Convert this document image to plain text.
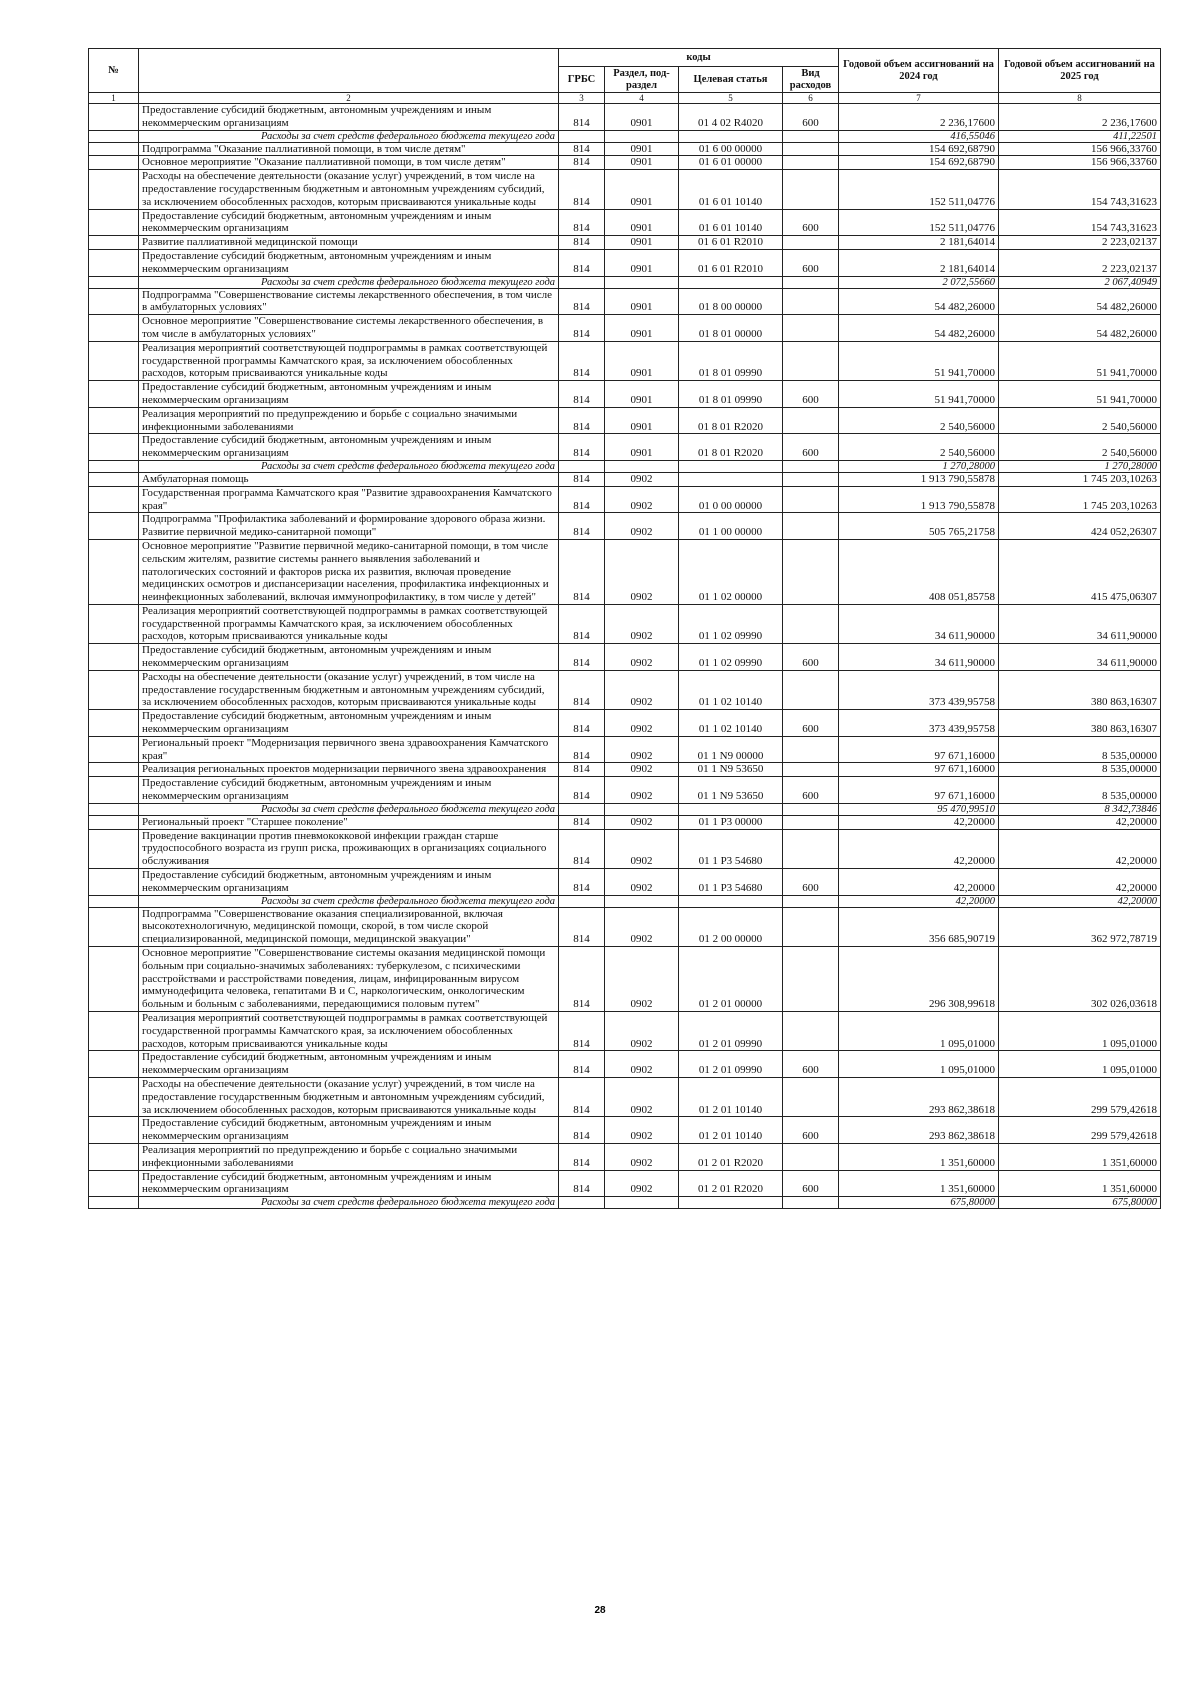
№		коды				Годовой объем ассигнований на 2024 год	Годовой объем ассигнований на 2025 год
		ГРБС	Раздел, под-раздел	Целевая статья	Вид расходов		
1	2	3	4	5	6	7	8
	Предоставление субсидий бюджетным, автономным учреждениям и иным некоммерческим организациям	814	0901	01 4 02 R4020	600	2 236,17600	2 236,17600
	Расходы за счет средств федерального бюджета текущего года					416,55046	411,22501
	Подпрограмма "Оказание паллиативной помощи, в том числе детям"	814	0901	01 6 00 00000		154 692,68790	156 966,33760
	Основное мероприятие "Оказание паллиативной помощи, в том числе детям"	814	0901	01 6 01 00000		154 692,68790	156 966,33760
	Расходы на обеспечение деятельности (оказание услуг) учреждений, в том числе на предоставление государственным бюджетным и автономным учреждениям субсидий, за исключением обособленных расходов, которым присваиваются уникальные коды	814	0901	01 6 01 10140		152 511,04776	154 743,31623
	Предоставление субсидий бюджетным, автономным учреждениям и иным некоммерческим организациям	814	0901	01 6 01 10140	600	152 511,04776	154 743,31623
	Развитие паллиативной медицинской помощи	814	0901	01 6 01 R2010		2 181,64014	2 223,02137
	Предоставление субсидий бюджетным, автономным учреждениям и иным некоммерческим организациям	814	0901	01 6 01 R2010	600	2 181,64014	2 223,02137
	Расходы за счет средств федерального бюджета текущего года					2 072,55660	2 067,40949
	Подпрограмма "Совершенствование системы лекарственного обеспечения, в том числе в амбулаторных условиях"	814	0901	01 8 00 00000		54 482,26000	54 482,26000
	Основное мероприятие "Совершенствование системы лекарственного обеспечения, в том числе в амбулаторных условиях"	814	0901	01 8 01 00000		54 482,26000	54 482,26000
	Реализация мероприятий соответствующей подпрограммы в рамках соответствующей государственной программы Камчатского края, за исключением обособленных расходов, которым присваиваются уникальные коды	814	0901	01 8 01 09990		51 941,70000	51 941,70000
	Предоставление субсидий бюджетным, автономным учреждениям и иным некоммерческим организациям	814	0901	01 8 01 09990	600	51 941,70000	51 941,70000
	Реализация мероприятий по предупреждению и борьбе с социально значимыми инфекционными заболеваниями	814	0901	01 8 01 R2020		2 540,56000	2 540,56000
	Предоставление субсидий бюджетным, автономным учреждениям и иным некоммерческим организациям	814	0901	01 8 01 R2020	600	2 540,56000	2 540,56000
	Расходы за счет средств федерального бюджета текущего года					1 270,28000	1 270,28000
	Амбулаторная помощь	814	0902			1 913 790,55878	1 745 203,10263
	Государственная программа Камчатского края "Развитие здравоохранения Камчатского края"	814	0902	01 0 00 00000		1 913 790,55878	1 745 203,10263
	Подпрограмма "Профилактика заболеваний и формирование здорового образа жизни. Развитие первичной медико-санитарной помощи"	814	0902	01 1 00 00000		505 765,21758	424 052,26307
	Основное мероприятие "Развитие первичной медико-санитарной помощи, в том числе сельским жителям, развитие системы раннего выявления заболеваний и патологических состояний и факторов риска их развития, включая проведение медицинских осмотров и диспансеризации населения, профилактика инфекционных и неинфекционных заболеваний, включая иммунопрофилактику, в том числе у детей"	814	0902	01 1 02 00000		408 051,85758	415 475,06307
	Реализация мероприятий соответствующей подпрограммы в рамках соответствующей государственной программы Камчатского края, за исключением обособленных расходов, которым присваиваются уникальные коды	814	0902	01 1 02 09990		34 611,90000	34 611,90000
	Предоставление субсидий бюджетным, автономным учреждениям и иным некоммерческим организациям	814	0902	01 1 02 09990	600	34 611,90000	34 611,90000
	Расходы на обеспечение деятельности (оказание услуг) учреждений, в том числе на предоставление государственным бюджетным и автономным учреждениям субсидий, за исключением обособленных расходов, которым присваиваются уникальные коды	814	0902	01 1 02 10140		373 439,95758	380 863,16307
	Предоставление субсидий бюджетным, автономным учреждениям и иным некоммерческим организациям	814	0902	01 1 02 10140	600	373 439,95758	380 863,16307
	Региональный проект "Модернизация первичного звена здравоохранения Камчатского края"	814	0902	01 1 N9 00000		97 671,16000	8 535,00000
	Реализация региональных проектов модернизации первичного звена здравоохранения	814	0902	01 1 N9 53650		97 671,16000	8 535,00000
	Предоставление субсидий бюджетным, автономным учреждениям и иным некоммерческим организациям	814	0902	01 1 N9 53650	600	97 671,16000	8 535,00000
	Расходы за счет средств федерального бюджета текущего года					95 470,99510	8 342,73846
	Региональный проект "Старшее поколение"	814	0902	01 1 P3 00000		42,20000	42,20000
	Проведение вакцинации против пневмококковой инфекции граждан старше трудоспособного возраста из групп риска, проживающих в организациях социального обслуживания	814	0902	01 1 P3 54680		42,20000	42,20000
	Предоставление субсидий бюджетным, автономным учреждениям и иным некоммерческим организациям	814	0902	01 1 P3 54680	600	42,20000	42,20000
	Расходы за счет средств федерального бюджета текущего года					42,20000	42,20000
	Подпрограмма "Совершенствование оказания специализированной, включая высокотехнологичную, медицинской помощи, скорой, в том числе скорой специализированной, медицинской помощи, медицинской эвакуации"	814	0902	01 2 00 00000		356 685,90719	362 972,78719
	Основное мероприятие "Совершенствование системы оказания медицинской помощи больным при социально-значимых заболеваниях: туберкулезом, с психическими расстройствами и расстройствами поведения, лицам, инфицированным вирусом иммунодефицита человека, гепатитами B и C, наркологическим, онкологическим больным и больным с заболеваниями, передающимися половым путем"	814	0902	01 2 01 00000		296 308,99618	302 026,03618
	Реализация мероприятий соответствующей подпрограммы в рамках соответствующей государственной программы Камчатского края, за исключением обособленных расходов, которым присваиваются уникальные коды	814	0902	01 2 01 09990		1 095,01000	1 095,01000
	Предоставление субсидий бюджетным, автономным учреждениям и иным некоммерческим организациям	814	0902	01 2 01 09990	600	1 095,01000	1 095,01000
	Расходы на обеспечение деятельности (оказание услуг) учреждений, в том числе на предоставление государственным бюджетным и автономным учреждениям субсидий, за исключением обособленных расходов, которым присваиваются уникальные коды	814	0902	01 2 01 10140		293 862,38618	299 579,42618
	Предоставление субсидий бюджетным, автономным учреждениям и иным некоммерческим организациям	814	0902	01 2 01 10140	600	293 862,38618	299 579,42618
	Реализация мероприятий по предупреждению и борьбе с социально значимыми инфекционными заболеваниями	814	0902	01 2 01 R2020		1 351,60000	1 351,60000
	Предоставление субсидий бюджетным, автономным учреждениям и иным некоммерческим организациям	814	0902	01 2 01 R2020	600	1 351,60000	1 351,60000
	Расходы за счет средств федерального бюджета текущего года					675,80000	675,80000
28
